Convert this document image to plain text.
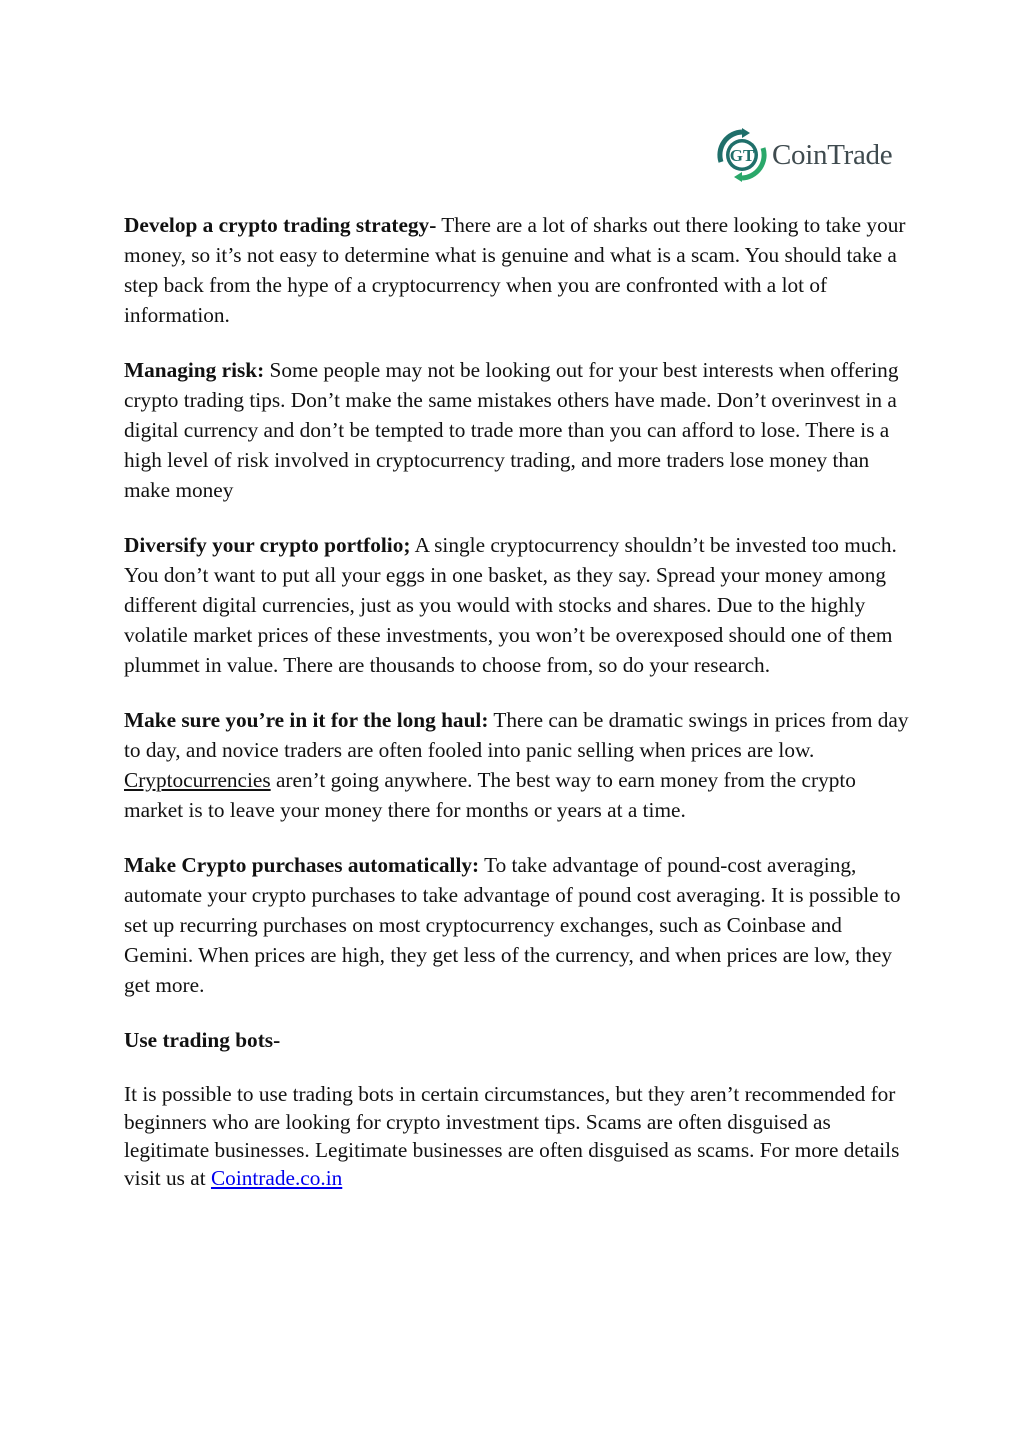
GT CoinTrade

Develop a crypto trading strategy- There are a lot of sharks out there looking to take your money, so it’s not easy to determine what is genuine and what is a scam. You should take a step back from the hype of a cryptocurrency when you are confronted with a lot of information.

Managing risk: Some people may not be looking out for your best interests when offering crypto trading tips. Don’t make the same mistakes others have made. Don’t overinvest in a digital currency and don’t be tempted to trade more than you can afford to lose. There is a high level of risk involved in cryptocurrency trading, and more traders lose money than make money

Diversify your crypto portfolio; A single cryptocurrency shouldn’t be invested too much. You don’t want to put all your eggs in one basket, as they say. Spread your money among different digital currencies, just as you would with stocks and shares. Due to the highly volatile market prices of these investments, you won’t be overexposed should one of them plummet in value. There are thousands to choose from, so do your research.

Make sure you’re in it for the long haul: There can be dramatic swings in prices from day to day, and novice traders are often fooled into panic selling when prices are low. Cryptocurrencies aren’t going anywhere. The best way to earn money from the crypto market is to leave your money there for months or years at a time.

Make Crypto purchases automatically: To take advantage of pound-cost averaging, automate your crypto purchases to take advantage of pound cost averaging. It is possible to set up recurring purchases on most cryptocurrency exchanges, such as Coinbase and Gemini. When prices are high, they get less of the currency, and when prices are low, they get more.

Use trading bots-

It is possible to use trading bots in certain circumstances, but they aren’t recommended for beginners who are looking for crypto investment tips. Scams are often disguised as legitimate businesses. Legitimate businesses are often disguised as scams. For more details visit us at Cointrade.co.in
